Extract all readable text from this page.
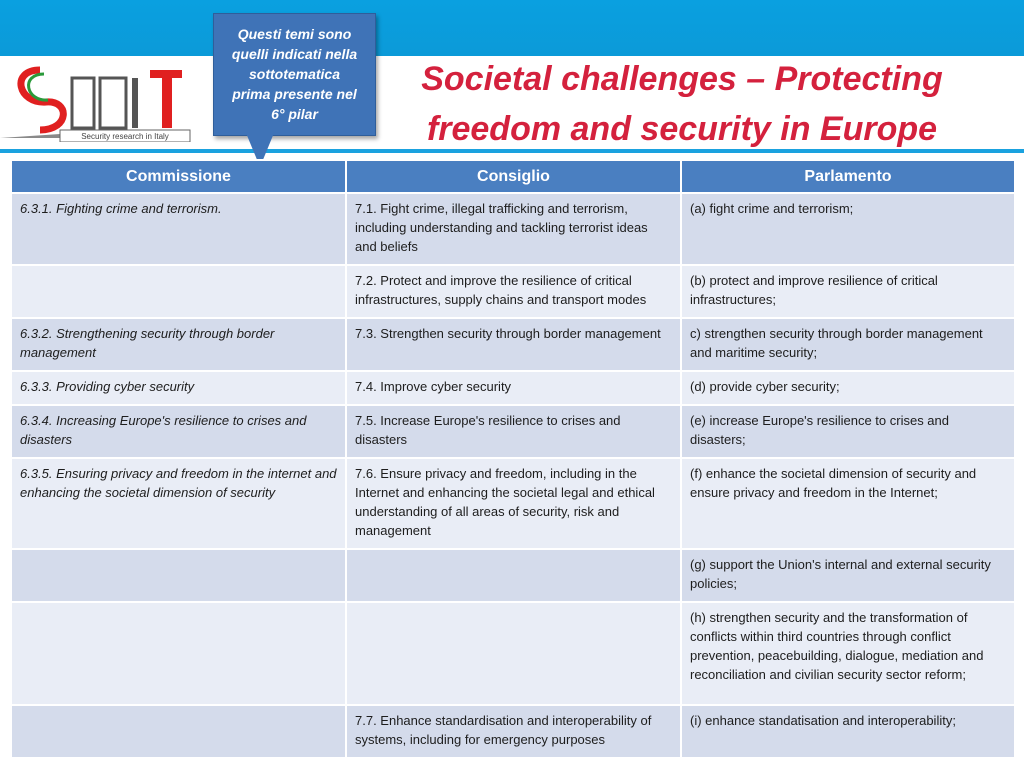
Security research in Italy
Questi temi sono
quelli indicati nella
sottotematica
prima presente nel
6° pilar
Societal challenges – Protecting
freedom and security in Europe
Commissione	Consiglio	Parlamento
6.3.1. Fighting crime and terrorism.	7.1. Fight crime, illegal trafficking and terrorism, including understanding and tackling terrorist ideas and beliefs	(a) fight crime and terrorism;
	7.2. Protect and improve the resilience of critical infrastructures, supply chains and transport modes	(b) protect and improve resilience of critical infrastructures;
6.3.2. Strengthening security through border management	7.3. Strengthen security through border management	c) strengthen security through border management and maritime security;
6.3.3. Providing cyber security	7.4. Improve cyber security	(d) provide cyber security;
6.3.4. Increasing Europe's resilience to crises and disasters	7.5. Increase Europe's resilience to crises and disasters	(e) increase Europe's resilience to crises and disasters;
6.3.5. Ensuring privacy and freedom in the internet and enhancing the societal dimension of security	7.6. Ensure privacy and freedom, including in the Internet and enhancing the societal legal and ethical understanding of all areas of security, risk and management	(f) enhance the societal dimension of security and ensure privacy and freedom in the Internet;
		(g) support the Union's internal and external security policies;
		(h) strengthen security and the transformation of conflicts within third countries through conflict prevention, peacebuilding, dialogue, mediation and reconciliation and civilian security sector reform;
	7.7. Enhance standardisation and interoperability of systems, including for emergency purposes	(i) enhance standatisation and interoperability;
